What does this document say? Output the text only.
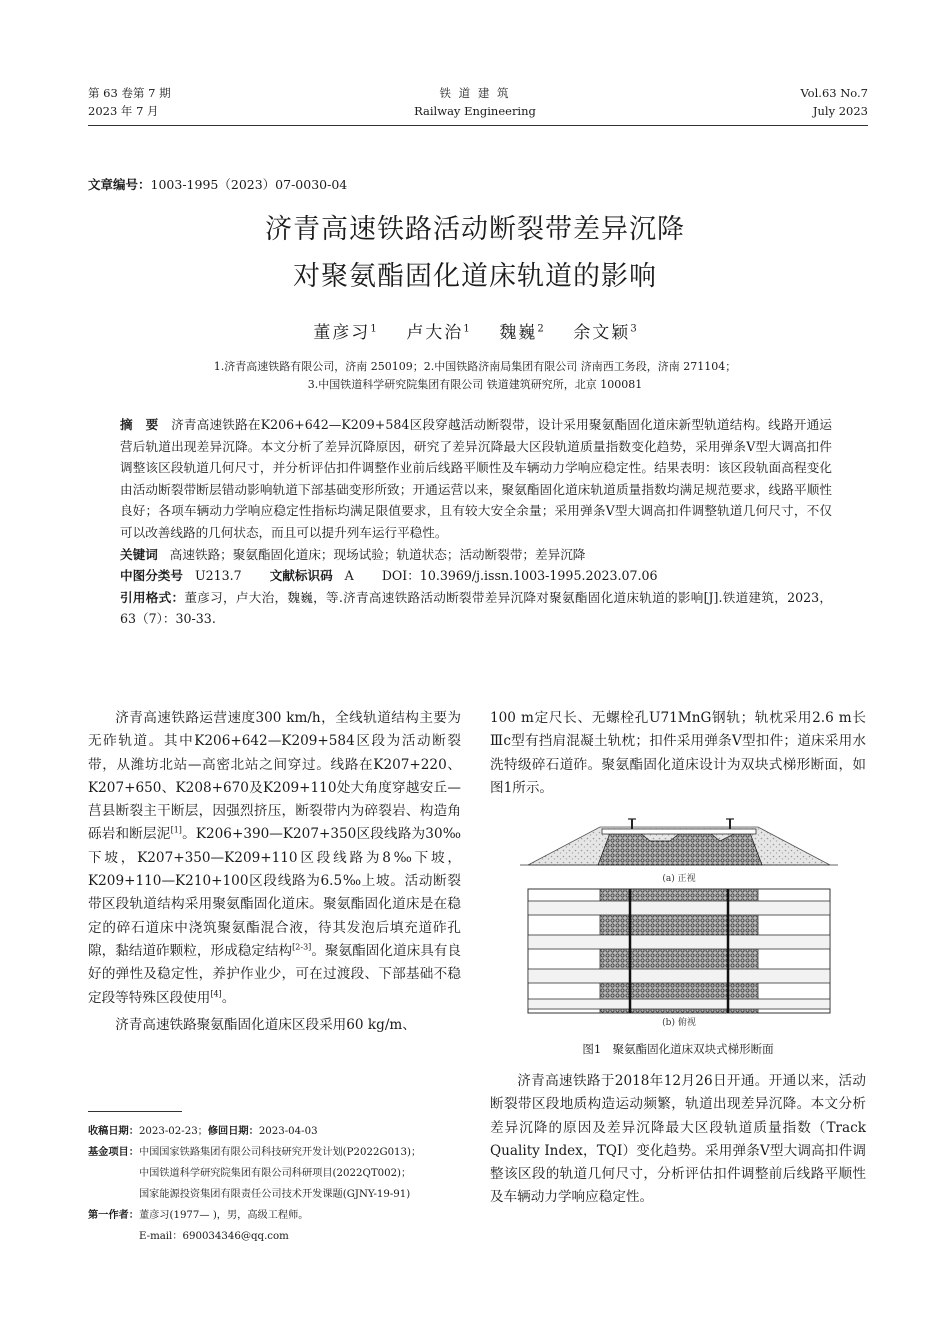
第 63 卷第 7 期
2023 年 7 月
铁 道 建 筑
Railway Engineering
Vol.63 No.7
July 2023
文章编号：1003-1995（2023）07-0030-04
济青高速铁路活动断裂带差异沉降
对聚氨酯固化道床轨道的影响
董彦习$^1$ 卢大治$^1$ 魏巍$^2$ 余文颖$^3$
1.济青高速铁路有限公司，济南 250109；2.中国铁路济南局集团有限公司 济南西工务段，济南 271104；
3.中国铁道科学研究院集团有限公司 铁道建筑研究所，北京 100081

摘　要 济青高速铁路在K206+642—K209+584区段穿越活动断裂带，设计采用聚氨酯固化道床新型轨道结构。线路开通运营后轨道出现差异沉降。本文分析了差异沉降原因，研究了差异沉降最大区段轨道质量指数变化趋势，采用弹条Ⅴ型大调高扣件调整该区段轨道几何尺寸，并分析评估扣件调整作业前后线路平顺性及车辆动力学响应稳定性。结果表明：该区段轨面高程变化由活动断裂带断层错动影响轨道下部基础变形所致；开通运营以来，聚氨酯固化道床轨道质量指数均满足规范要求，线路平顺性良好；各项车辆动力学响应稳定性指标均满足限值要求，且有较大安全余量；采用弹条Ⅴ型大调高扣件调整轨道几何尺寸，不仅可以改善线路的几何状态，而且可以提升列车运行平稳性。

关键词 高速铁路；聚氨酯固化道床；现场试验；轨道状态；活动断裂带；差异沉降

中图分类号 U213.7 文献标识码 A DOI：10.3969/j.issn.1003-1995.2023.07.06

引用格式：董彦习，卢大治，魏巍，等.济青高速铁路活动断裂带差异沉降对聚氨酯固化道床轨道的影响[J].铁道建筑，2023，63（7）：30-33.

济青高速铁路运营速度300 km/h，全线轨道结构主要为无砟轨道。其中K206+642—K209+584区段为活动断裂带，从潍坊北站—高密北站之间穿过。线路在K207+220、K207+650、K208+670及K209+110处大角度穿越安丘—莒县断裂主干断层，因强烈挤压，断裂带内为碎裂岩、构造角砾岩和断层泥[1]。K206+390—K207+350区段线路为30‰下坡，K207+350—K209+110区段线路为8‰下坡，K209+110—K210+100区段线路为6.5‰上坡。活动断裂带区段轨道结构采用聚氨酯固化道床。聚氨酯固化道床是在稳定的碎石道床中浇筑聚氨酯混合液，待其发泡后填充道砟孔隙，黏结道砟颗粒，形成稳定结构[2-3]。聚氨酯固化道床具有良好的弹性及稳定性，养护作业少，可在过渡段、下部基础不稳定段等特殊区段使用[4]。

济青高速铁路聚氨酯固化道床区段采用60 kg/m、

收稿日期：2023-02-23；修回日期：2023-04-03
基金项目：中国国家铁路集团有限公司科技研究开发计划(P2022G013)；
中国铁道科学研究院集团有限公司科研项目(2022QT002)；
国家能源投资集团有限责任公司技术开发课题(GJNY-19-91)
第一作者：董彦习(1977— )，男，高级工程师。
E-mail：690034346@qq.com

100 m定尺长、无螺栓孔U71MnG钢轨；轨枕采用2.6 m长Ⅲc型有挡肩混凝土轨枕；扣件采用弹条Ⅴ型扣件；道床采用水洗特级碎石道砟。聚氨酯固化道床设计为双块式梯形断面，如图1所示。

(a) 正视
(b) 俯视
图1　聚氨酯固化道床双块式梯形断面

济青高速铁路于2018年12月26日开通。开通以来，活动断裂带区段地质构造运动频繁，轨道出现差异沉降。本文分析差异沉降的原因及差异沉降最大区段轨道质量指数（Track Quality Index，TQI）变化趋势。采用弹条Ⅴ型大调高扣件调整该区段的轨道几何尺寸，分析评估扣件调整前后线路平顺性及车辆动力学响应稳定性。
